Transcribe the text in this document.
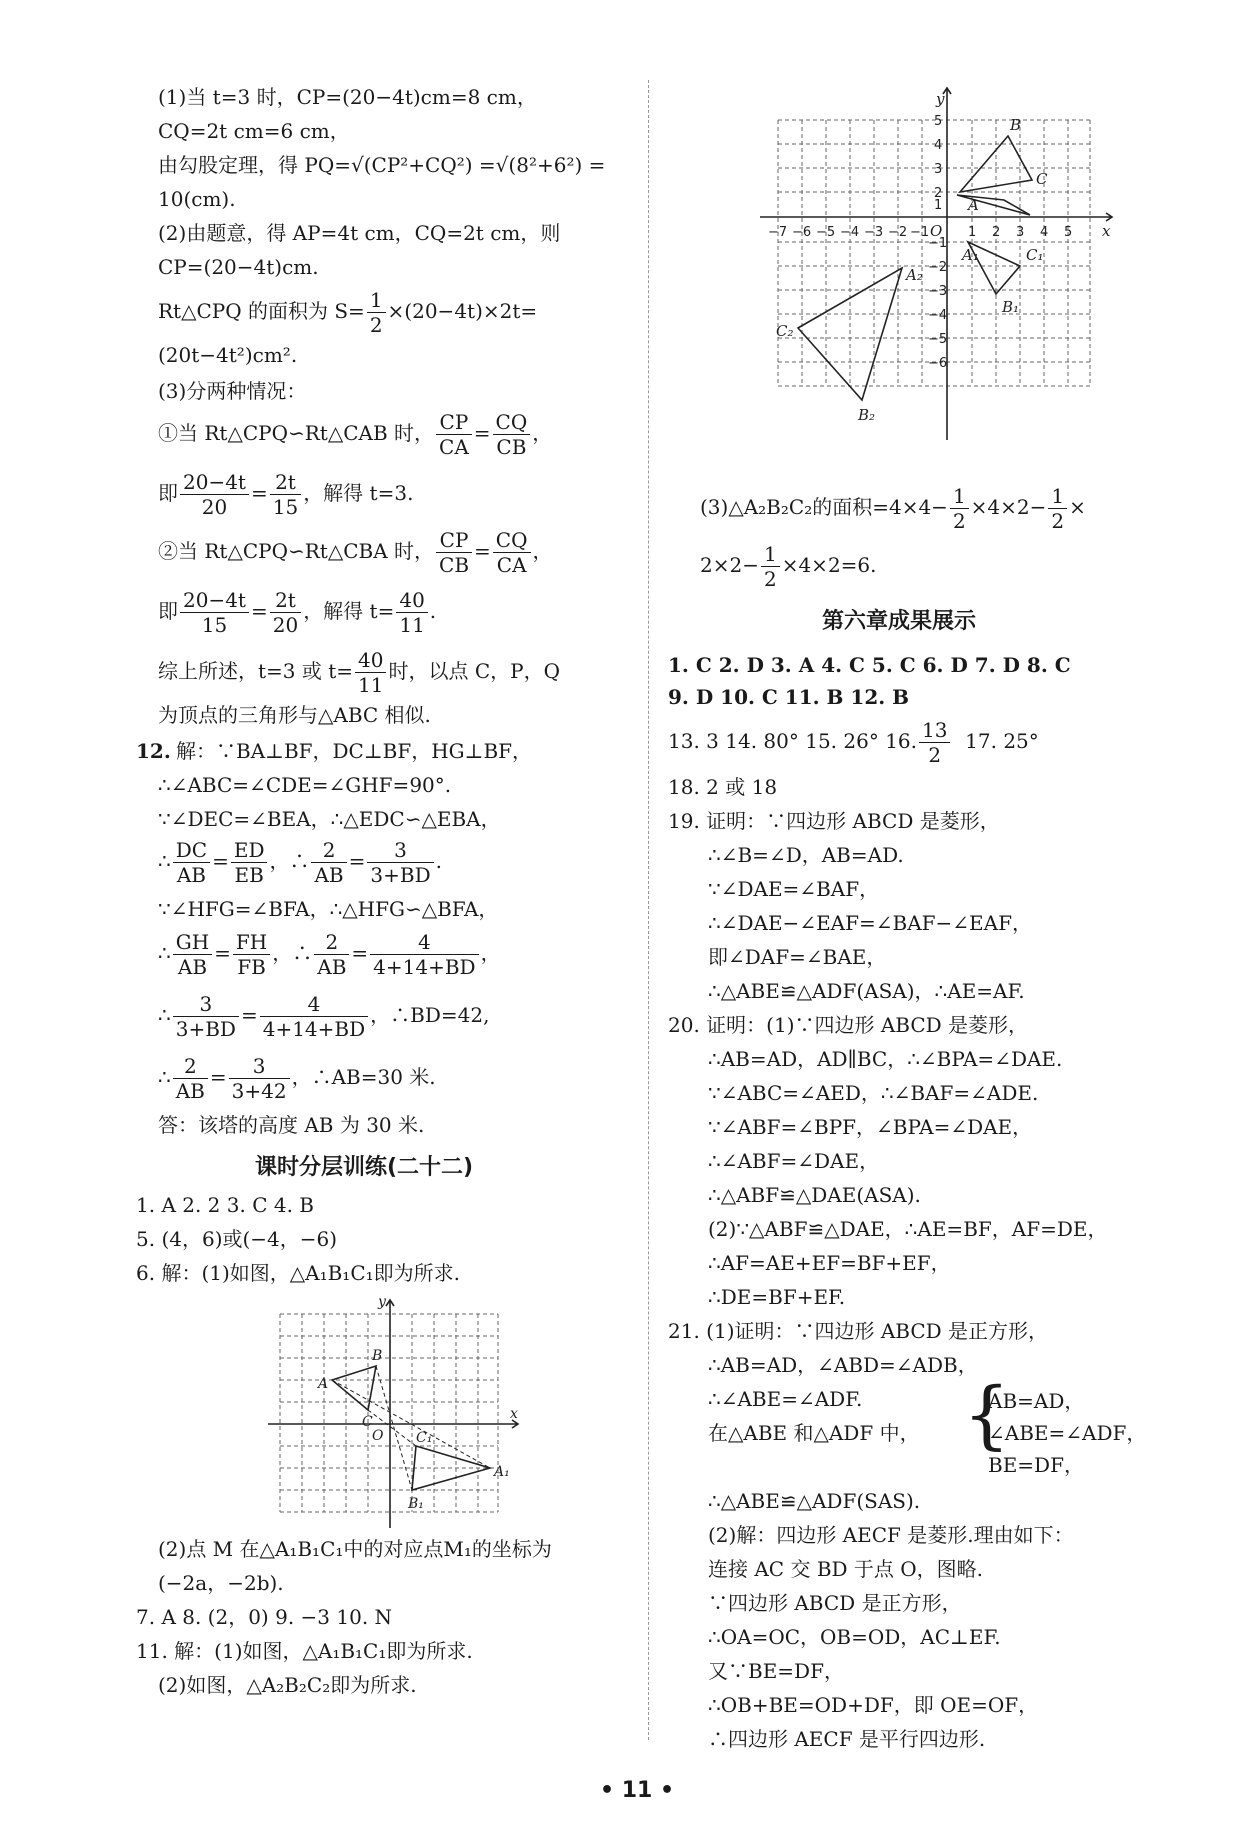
(1)当 t=3 时，CP=(20−4t)cm=8 cm，
CQ=2t cm=6 cm，
由勾股定理，得 PQ=√(CP²+CQ²) =√(8²+6²) =
10(cm).
(2)由题意，得 AP=4t cm，CQ=2t cm，则
CP=(20−4t)cm.
Rt△CPQ 的面积为 $S= \frac{1}{2} \times(20-4t)\times 2t=$
(20t−4t²)cm².
(3)分两种情况：
①当 Rt△CPQ∽Rt△CAB 时， $\frac{CP}{CA} = \frac{CQ}{CB}$ ，
即 $\frac{20-4t}{20} = \frac{2t}{15}$ ，解得 t=3.
②当 Rt△CPQ∽Rt△CBA 时， $\frac{CP}{CB} = \frac{CQ}{CA}$ ，
即 $\frac{20-4t}{15} = \frac{2t}{20}$ ，解得 $t= \frac{40}{11}$ .
综上所述，t=3 或 $t= \frac{40}{11}$ 时，以点 C，P，Q
为顶点的三角形与△ABC 相似.
12. 解：∵BA⊥BF，DC⊥BF，HG⊥BF，
∴∠ABC=∠CDE=∠GHF=90°.
∵∠DEC=∠BEA，∴△EDC∽△EBA，
∴ $\frac{DC}{AB} = \frac{ED}{EB}$ ，∴ $\frac{2}{AB} = \frac{3}{3+BD}$ .
∵∠HFG=∠BFA，∴△HFG∽△BFA，
∴ $\frac{GH}{AB} = \frac{FH}{FB}$ ，∴ $\frac{2}{AB} = \frac{4}{4+14+BD}$ ，
∴ $\frac{3}{3+BD} = \frac{4}{4+14+BD}$ ，∴BD=42,
∴ $\frac{2}{AB} = \frac{3}{3+42}$ ，∴AB=30 米.
答：该塔的高度 AB 为 30 米.
课时分层训练(二十二)
1. A 2. 2 3. C 4. B
5. (4，6)或(−4，−6)
6. 解：(1)如图，△A₁B₁C₁即为所求.
y
x
O
A
B
C
C₁
A₁
B₁
(2)点 M 在△A₁B₁C₁中的对应点M₁的坐标为
(−2a，−2b).
7. A 8. (2，0) 9. −3 10. N
11. 解：(1)如图，△A₁B₁C₁即为所求.
(2)如图，△A₂B₂C₂即为所求.
y
x
O
−7 −6 −5 −4 −3 −2 −1	1 2 3 4 5
5
4
3
2
1
−1
−2
−3
−4
−5
−6
A
B
C
A₁	C₁
B₁
A₂
C₂
B₂
(3)△A₂B₂C₂的面积$=4\times 4- \frac{1}{2} \times 4\times 2- \frac{1}{2}$ ×
$2\times 2- \frac{1}{2} \times 4\times 2=6$.
第六章成果展示
1. C 2. D 3. A 4. C 5. C 6. D 7. D 8. C
9. D 10. C 11. B 12. B
13. 3 14. 80° 15. 26° 16. $\frac{13}{2} 17$. 25°
18. 2 或 18
19. 证明：∵四边形 ABCD 是菱形，
∴∠B=∠D，AB=AD.
∵∠DAE=∠BAF，
∴∠DAE−∠EAF=∠BAF−∠EAF，
即∠DAF=∠BAE，
∴△ABE≌△ADF(ASA)，∴AE=AF.
20. 证明：(1)∵四边形 ABCD 是菱形，
∴AB=AD，AD∥BC，∴∠BPA=∠DAE.
∵∠ABC=∠AED，∴∠BAF=∠ADE.
∵∠ABF=∠BPF，∠BPA=∠DAE，
∴∠ABF=∠DAE，
∴△ABF≌△DAE(ASA).
(2)∵△ABF≌△DAE，∴AE=BF，AF=DE，
∴AF=AE+EF=BF+EF，
∴DE=BF+EF.
21. (1)证明：∵四边形 ABCD 是正方形，
∴AB=AD，∠ABD=∠ADB，
∴∠ABE=∠ADF.
在△ABE 和△ADF 中， {
AB=AD，
∠ABE=∠ADF，
BE=DF，
∴△ABE≌△ADF(SAS).
(2)解：四边形 AECF 是菱形.理由如下：
连接 AC 交 BD 于点 O，图略.
∵四边形 ABCD 是正方形，
∴OA=OC，OB=OD，AC⊥EF.
又∵BE=DF，
∴OB+BE=OD+DF，即 OE=OF，
∴四边形 AECF 是平行四边形.
• 11 •
